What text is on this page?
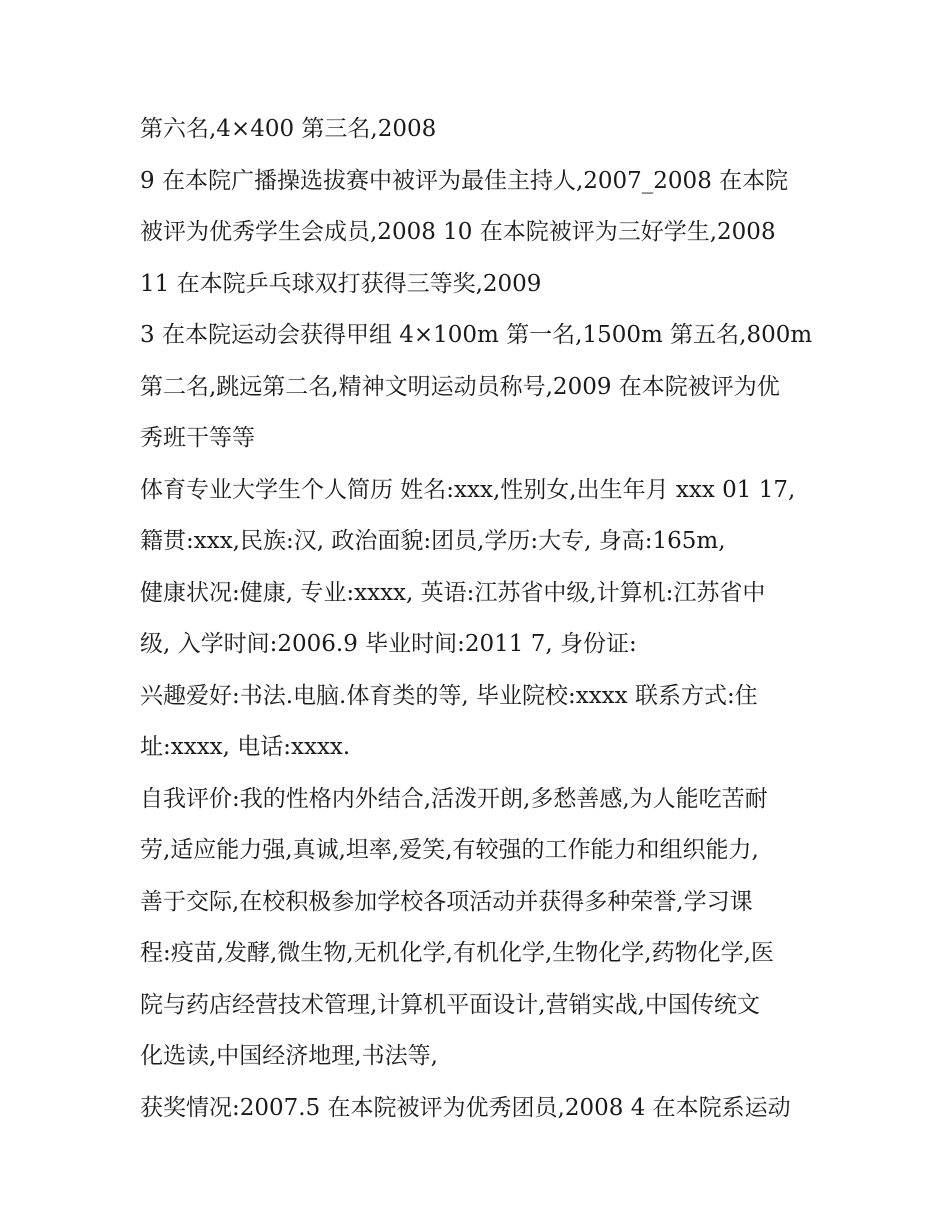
第六名,4×400 第三名,2008
9 在本院广播操选拔赛中被评为最佳主持人,2007_2008 在本院
被评为优秀学生会成员,2008 10 在本院被评为三好学生,2008
11 在本院乒乓球双打获得三等奖,2009
3 在本院运动会获得甲组 4×100m 第一名,1500m 第五名,800m
第二名,跳远第二名,精神文明运动员称号,2009 在本院被评为优
秀班干等等
体育专业大学生个人简历 姓名:xxx,性别女,出生年月 xxx 01 17,
籍贯:xxx,民族:汉, 政治面貌:团员,学历:大专, 身高:165m,
健康状况:健康, 专业:xxxx, 英语:江苏省中级,计算机:江苏省中
级, 入学时间:2006.9 毕业时间:2011 7, 身份证:
兴趣爱好:书法.电脑.体育类的等, 毕业院校:xxxx 联系方式:住
址:xxxx, 电话:xxxx.
自我评价:我的性格内外结合,活泼开朗,多愁善感,为人能吃苦耐
劳,适应能力强,真诚,坦率,爱笑,有较强的工作能力和组织能力,
善于交际,在校积极参加学校各项活动并获得多种荣誉,学习课
程:疫苗,发酵,微生物,无机化学,有机化学,生物化学,药物化学,医
院与药店经营技术管理,计算机平面设计,营销实战,中国传统文
化选读,中国经济地理,书法等,
获奖情况:2007.5 在本院被评为优秀团员,2008 4 在本院系运动
